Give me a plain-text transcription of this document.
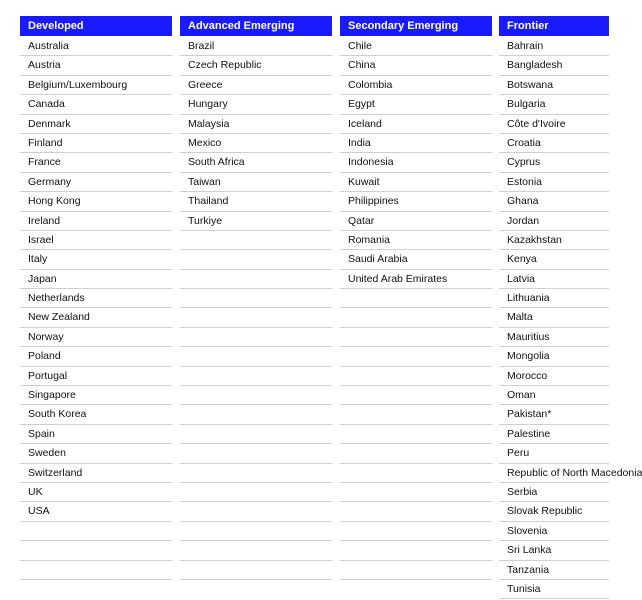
Developed
Australia
Austria
Belgium/Luxembourg
Canada
Denmark
Finland
France
Germany
Hong Kong
Ireland
Israel
Italy
Japan
Netherlands
New Zealand
Norway
Poland
Portugal
Singapore
South Korea
Spain
Sweden
Switzerland
UK
USA
Advanced Emerging
Brazil
Czech Republic
Greece
Hungary
Malaysia
Mexico
South Africa
Taiwan
Thailand
Turkiye
Secondary Emerging
Chile
China
Colombia
Egypt
Iceland
India
Indonesia
Kuwait
Philippines
Qatar
Romania
Saudi Arabia
United Arab Emirates
Frontier
Bahrain
Bangladesh
Botswana
Bulgaria
Côte d'Ivoire
Croatia
Cyprus
Estonia
Ghana
Jordan
Kazakhstan
Kenya
Latvia
Lithuania
Malta
Mauritius
Mongolia
Morocco
Oman
Pakistan*
Palestine
Peru
Republic of North Macedonia
Serbia
Slovak Republic
Slovenia
Sri Lanka
Tanzania
Tunisia
